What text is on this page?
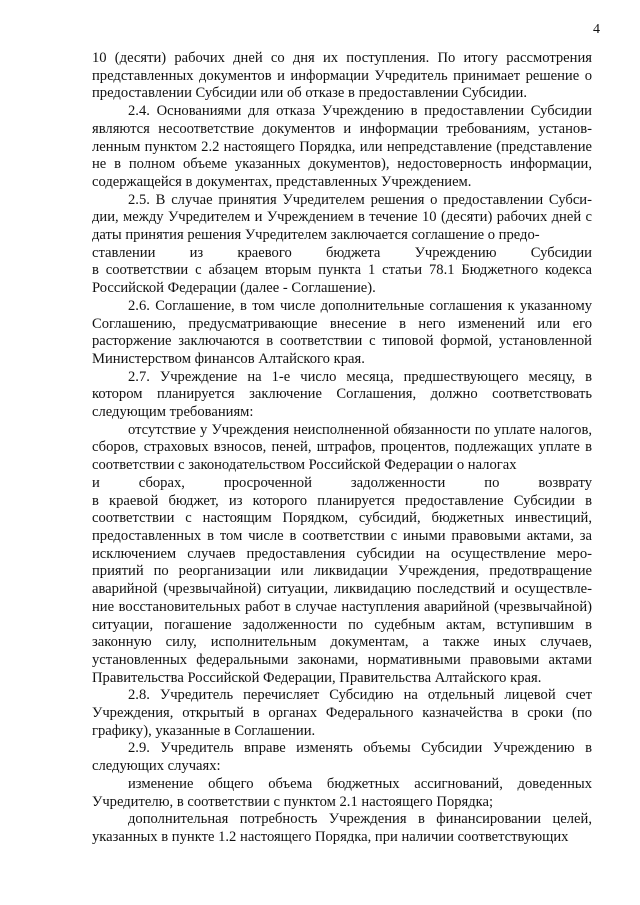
4

10 (десяти) рабочих дней со дня их поступления. По итогу рассмотрения представленных документов и информации Учредитель принимает решение о предоставлении Субсидии или об отказе в предоставлении Субсидии.

2.4. Основаниями для отказа Учреждению в предоставлении Субсидии являются несоответствие документов и информации требованиям, установленным пунктом 2.2 настоящего Порядка, или непредставление (представление не в полном объеме указанных документов), недостоверность информации, содержащейся в документах, представленных Учреждением.

2.5. В случае принятия Учредителем решения о предоставлении Субсидии, между Учредителем и Учреждением в течение 10 (десяти) рабочих дней с даты принятия решения Учредителем заключается соглашение о предо-

ставлении из краевого бюджета Учреждению Субсидии

в соответствии с абзацем вторым пункта 1 статьи 78.1 Бюджетного кодекса Российской Федерации (далее - Соглашение).

2.6. Соглашение, в том числе дополнительные соглашения к указанному Соглашению, предусматривающие внесение в него изменений или его расторжение заключаются в соответствии с типовой формой, установленной Министерством финансов Алтайского края.

2.7. Учреждение на 1-е число месяца, предшествующего месяцу, в котором планируется заключение Соглашения, должно соответствовать следующим требованиям:

отсутствие у Учреждения неисполненной обязанности по уплате налогов, сборов, страховых взносов, пеней, штрафов, процентов, подлежащих уплате в соответствии с законодательством Российской Федерации о налогах

и сборах, просроченной задолженности по возврату

в краевой бюджет, из которого планируется предоставление Субсидии в соответствии с настоящим Порядком, субсидий, бюджетных инвестиций, предоставленных в том числе в соответствии с иными правовыми актами, за исключением случаев предоставления субсидии на осуществление мероприятий по реорганизации или ликвидации Учреждения, предотвращение аварийной (чрезвычайной) ситуации, ликвидацию последствий и осуществление восстановительных работ в случае наступления аварийной (чрезвычайной) ситуации, погашение задолженности по судебным актам, вступившим в законную силу, исполнительным документам, а также иных случаев, установленных федеральными законами, нормативными правовыми актами Правительства Российской Федерации, Правительства Алтайского края.

2.8. Учредитель перечисляет Субсидию на отдельный лицевой счет Учреждения, открытый в органах Федерального казначейства в сроки (по графику), указанные в Соглашении.

2.9. Учредитель вправе изменять объемы Субсидии Учреждению в следующих случаях:

изменение общего объема бюджетных ассигнований, доведенных Учредителю, в соответствии с пунктом 2.1 настоящего Порядка;

дополнительная потребность Учреждения в финансировании целей, указанных в пункте 1.2 настоящего Порядка, при наличии соответствующих
